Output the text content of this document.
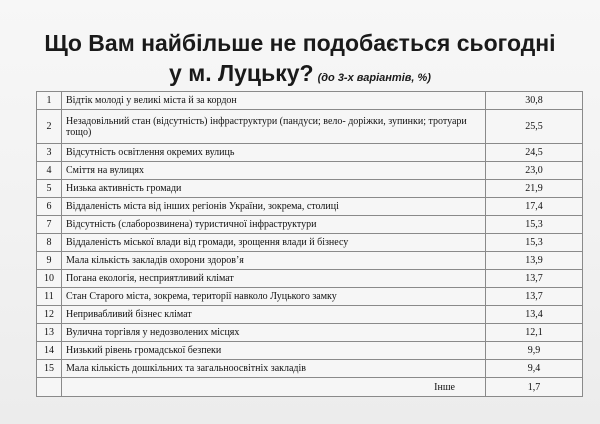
Що Вам найбільше не подобається сьогодні
у м. Луцьку? (до 3-х варіантів, %)
1	Відтік молоді у великі міста й за кордон	30,8
2	Незадовільний стан (відсутність) інфраструктури (пандуси; вело- доріжки, зупинки; тротуари тощо)	25,5
3	Відсутність освітлення окремих вулиць	24,5
4	Сміття на вулицях	23,0
5	Низька активність громади	21,9
6	Віддаленість міста від інших регіонів України, зокрема, столиці	17,4
7	Відсутність (слаборозвинена) туристичної інфраструктури	15,3
8	Віддаленість міської влади від громади, зрощення влади й бізнесу	15,3
9	Мала кількість закладів охорони здоров’я	13,9
10	Погана екологія, несприятливий клімат	13,7
11	Стан Старого міста, зокрема, території навколо Луцького замку	13,7
12	Непривабливий бізнес клімат	13,4
13	Вулична торгівля у недозволених місцях	12,1
14	Низький рівень громадської безпеки	9,9
15	Мала кількість дошкільних та загальноосвітніх закладів	9,4
	Інше	1,7
